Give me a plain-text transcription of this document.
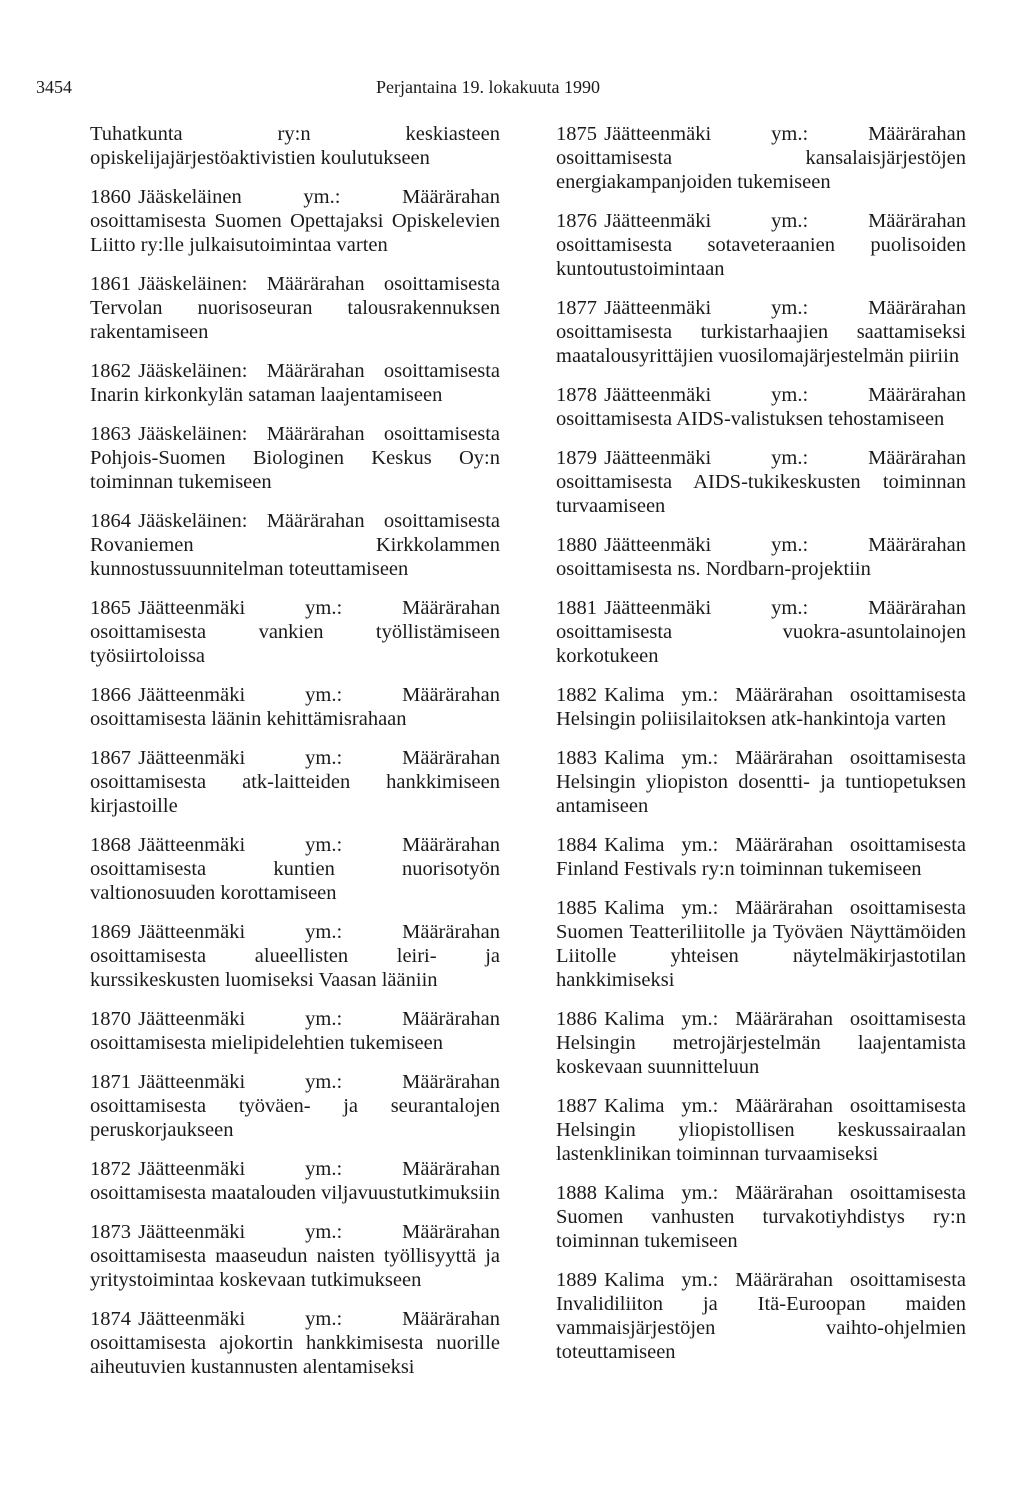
3454	Perjantaina 19. lokakuuta 1990

Tuhatkunta ry:n keskiasteen opiskelijajärjestöaktivistien koulutukseen

1860 Jääskeläinen ym.: Määrärahan osoittamisesta Suomen Opettajaksi Opiskelevien Liitto ry:lle julkaisutoimintaa varten

1861 Jääskeläinen: Määrärahan osoittamisesta Tervolan nuorisoseuran talousrakennuksen rakentamiseen

1862 Jääskeläinen: Määrärahan osoittamisesta Inarin kirkonkylän sataman laajentamiseen

1863 Jääskeläinen: Määrärahan osoittamisesta Pohjois-Suomen Biologinen Keskus Oy:n toiminnan tukemiseen

1864 Jääskeläinen: Määrärahan osoittamisesta Rovaniemen Kirkkolammen kunnostussuunnitelman toteuttamiseen

1865 Jäätteenmäki ym.: Määrärahan osoittamisesta vankien työllistämiseen työsiirtoloissa

1866 Jäätteenmäki ym.: Määrärahan osoittamisesta läänin kehittämisrahaan

1867 Jäätteenmäki ym.: Määrärahan osoittamisesta atk-laitteiden hankkimiseen kirjastoille

1868 Jäätteenmäki ym.: Määrärahan osoittamisesta kuntien nuorisotyön valtionosuuden korottamiseen

1869 Jäätteenmäki ym.: Määrärahan osoittamisesta alueellisten leiri- ja kurssikeskusten luomiseksi Vaasan lääniin

1870 Jäätteenmäki ym.: Määrärahan osoittamisesta mielipidelehtien tukemiseen

1871 Jäätteenmäki ym.: Määrärahan osoittamisesta työväen- ja seurantalojen peruskorjaukseen

1872 Jäätteenmäki ym.: Määrärahan osoittamisesta maatalouden viljavuustutkimuksiin

1873 Jäätteenmäki ym.: Määrärahan osoittamisesta maaseudun naisten työllisyyttä ja yritystoimintaa koskevaan tutkimukseen

1874 Jäätteenmäki ym.: Määrärahan osoittamisesta ajokortin hankkimisesta nuorille aiheutuvien kustannusten alentamiseksi

1875 Jäätteenmäki ym.: Määrärahan osoittamisesta kansalaisjärjestöjen energiakampanjoiden tukemiseen

1876 Jäätteenmäki ym.: Määrärahan osoittamisesta sotaveteraanien puolisoiden kuntoutustoimintaan

1877 Jäätteenmäki ym.: Määrärahan osoittamisesta turkistarhaajien saattamiseksi maatalousyrittäjien vuosilomajärjestelmän piiriin

1878 Jäätteenmäki ym.: Määrärahan osoittamisesta AIDS-valistuksen tehostamiseen

1879 Jäätteenmäki ym.: Määrärahan osoittamisesta AIDS-tukikeskusten toiminnan turvaamiseen

1880 Jäätteenmäki ym.: Määrärahan osoittamisesta ns. Nordbarn-projektiin

1881 Jäätteenmäki ym.: Määrärahan osoittamisesta vuokra-asuntolainojen korkotukeen

1882 Kalima ym.: Määrärahan osoittamisesta Helsingin poliisilaitoksen atk-hankintoja varten

1883 Kalima ym.: Määrärahan osoittamisesta Helsingin yliopiston dosentti- ja tuntiopetuksen antamiseen

1884 Kalima ym.: Määrärahan osoittamisesta Finland Festivals ry:n toiminnan tukemiseen

1885 Kalima ym.: Määrärahan osoittamisesta Suomen Teatteriliitolle ja Työväen Näyttämöiden Liitolle yhteisen näytelmäkirjastotilan hankkimiseksi

1886 Kalima ym.: Määrärahan osoittamisesta Helsingin metrojärjestelmän laajentamista koskevaan suunnitteluun

1887 Kalima ym.: Määrärahan osoittamisesta Helsingin yliopistollisen keskussairaalan lastenklinikan toiminnan turvaamiseksi

1888 Kalima ym.: Määrärahan osoittamisesta Suomen vanhusten turvakotiyhdistys ry:n toiminnan tukemiseen

1889 Kalima ym.: Määrärahan osoittamisesta Invalidiliiton ja Itä-Euroopan maiden vammaisjärjestöjen vaihto-ohjelmien toteuttamiseen
